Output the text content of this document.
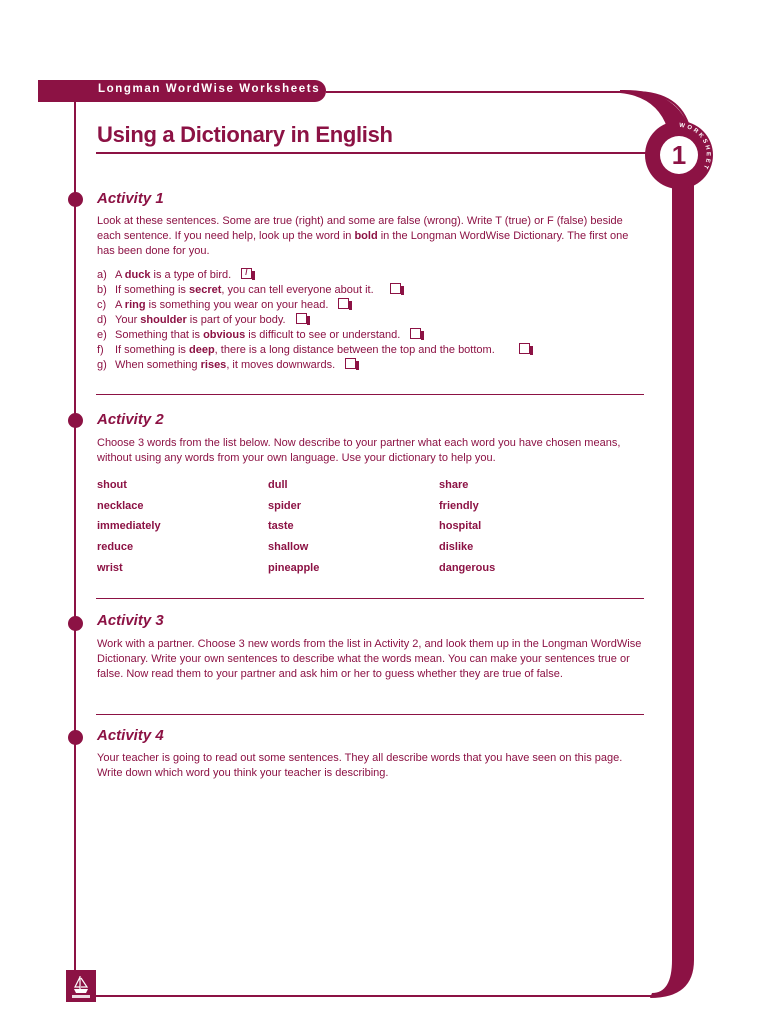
WORKSHEET
1
Longman WordWise Worksheets
Using a Dictionary in English
Activity 1
Look at these sentences. Some are true (right) and some are false (wrong). Write T (true) or F (false) beside each sentence. If you need help, look up the word in bold in the Longman WordWise Dictionary. The first one has been done for you.
a) A duck is a type of bird. T
b) If something is secret, you can tell everyone about it.
c) A ring is something you wear on your head.
d) Your shoulder is part of your body.
e) Something that is obvious is difficult to see or understand.
f) If something is deep, there is a long distance between the top and the bottom.
g) When something rises, it moves downwards.
Activity 2
Choose 3 words from the list below. Now describe to your partner what each word you have chosen means, without using any words from your own language. Use your dictionary to help you.
shout
necklace
immediately
reduce
wrist
dull
spider
taste
shallow
pineapple
share
friendly
hospital
dislike
dangerous
Activity 3
Work with a partner. Choose 3 new words from the list in Activity 2, and look them up in the Longman WordWise Dictionary. Write your own sentences to describe what the words mean. You can make your sentences true or false. Now read them to your partner and ask him or her to guess whether they are true of false.
Activity 4
Your teacher is going to read out some sentences. They all describe words that you have seen on this page. Write down which word you think your teacher is describing.
